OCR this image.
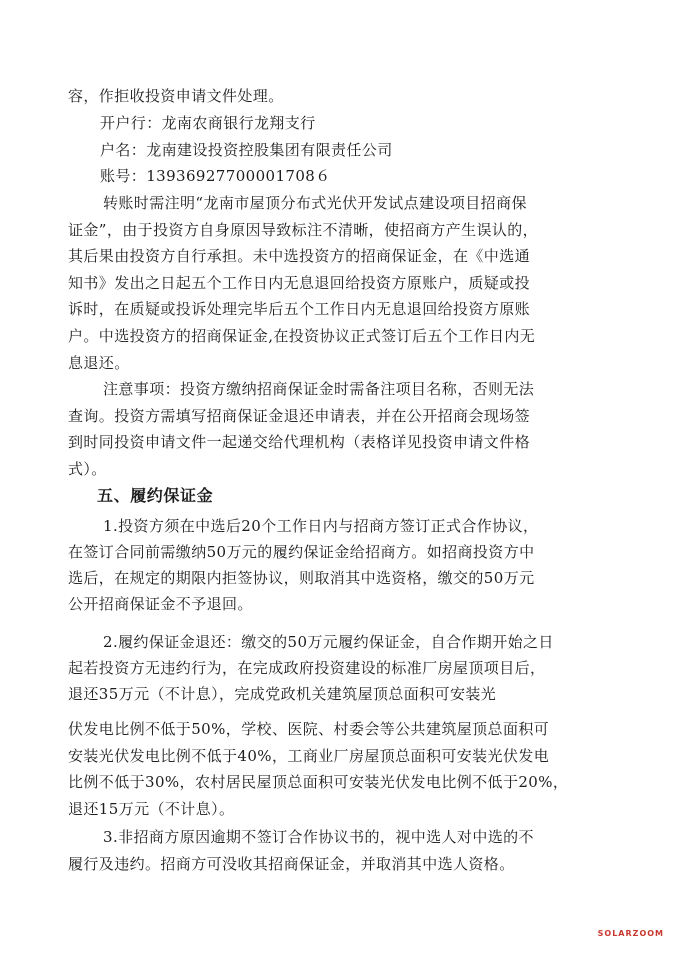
容，作拒收投资申请文件处理。
开户行：龙南农商银行龙翔支行
户名：龙南建设投资控股集团有限责任公司
账号：13936927700001708６
转账时需注明“龙南市屋顶分布式光伏开发试点建设项目招商保
证金”，由于投资方自身原因导致标注不清晰，使招商方产生误认的，
其后果由投资方自行承担。未中选投资方的招商保证金，在《中选通
知书》发出之日起五个工作日内无息退回给投资方原账户，质疑或投
诉时，在质疑或投诉处理完毕后五个工作日内无息退回给投资方原账
户。中选投资方的招商保证金,在投资协议正式签订后五个工作日内无
息退还。
注意事项：投资方缴纳招商保证金时需备注项目名称，否则无法
查询。投资方需填写招商保证金退还申请表，并在公开招商会现场签
到时同投资申请文件一起递交给代理机构（表格详见投资申请文件格
式）。
五、履约保证金
1.投资方须在中选后20个工作日内与招商方签订正式合作协议，
在签订合同前需缴纳50万元的履约保证金给招商方。如招商投资方中
选后，在规定的期限内拒签协议，则取消其中选资格，缴交的50万元
公开招商保证金不予退回。
2.履约保证金退还：缴交的50万元履约保证金，自合作期开始之日
起若投资方无违约行为，在完成政府投资建设的标准厂房屋顶项目后，
退还35万元（不计息），完成党政机关建筑屋顶总面积可安装光
伏发电比例不低于50%，学校、医院、村委会等公共建筑屋顶总面积可
安装光伏发电比例不低于40%，工商业厂房屋顶总面积可安装光伏发电
比例不低于30%，农村居民屋顶总面积可安装光伏发电比例不低于20%，
退还15万元（不计息）。
3.非招商方原因逾期不签订合作协议书的，视中选人对中选的不
履行及违约。招商方可没收其招商保证金，并取消其中选人资格。
SOLARZOOM
